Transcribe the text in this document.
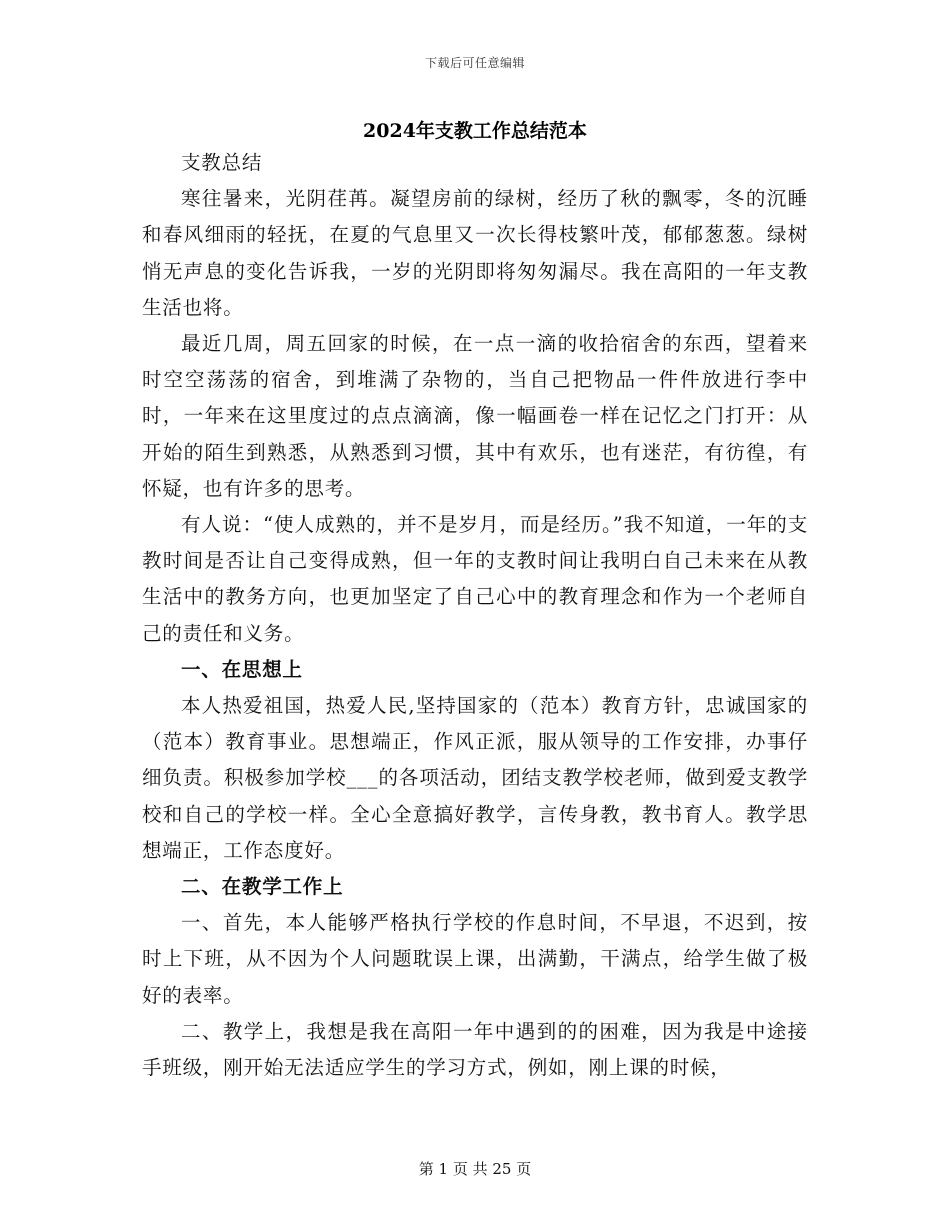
下载后可任意编辑
2024年支教工作总结范本

支教总结

寒往暑来，光阴荏苒。凝望房前的绿树，经历了秋的飘零，冬的沉睡和春风细雨的轻抚，在夏的气息里又一次长得枝繁叶茂，郁郁葱葱。绿树悄无声息的变化告诉我，一岁的光阴即将匆匆漏尽。我在高阳的一年支教生活也将。

最近几周，周五回家的时候，在一点一滴的收拾宿舍的东西，望着来时空空荡荡的宿舍，到堆满了杂物的，当自己把物品一件件放进行李中时，一年来在这里度过的点点滴滴，像一幅画卷一样在记忆之门打开：从开始的陌生到熟悉，从熟悉到习惯，其中有欢乐，也有迷茫，有彷徨，有怀疑，也有许多的思考。

有人说：“使人成熟的，并不是岁月，而是经历。”我不知道，一年的支教时间是否让自己变得成熟，但一年的支教时间让我明白自己未来在从教生活中的教务方向，也更加坚定了自己心中的教育理念和作为一个老师自己的责任和义务。

一、在思想上

本人热爱祖国，热爱人民,坚持国家的（范本）教育方针，忠诚国家的（范本）教育事业。思想端正，作风正派，服从领导的工作安排，办事仔细负责。积极参加学校___的各项活动，团结支教学校老师，做到爱支教学校和自己的学校一样。全心全意搞好教学，言传身教，教书育人。教学思想端正，工作态度好。

二、在教学工作上

一、首先，本人能够严格执行学校的作息时间，不早退，不迟到，按时上下班，从不因为个人问题耽误上课，出满勤，干满点，给学生做了极好的表率。

二、教学上，我想是我在高阳一年中遇到的的困难，因为我是中途接手班级，刚开始无法适应学生的学习方式，例如，刚上课的时候，

第 1 页 共 25 页
